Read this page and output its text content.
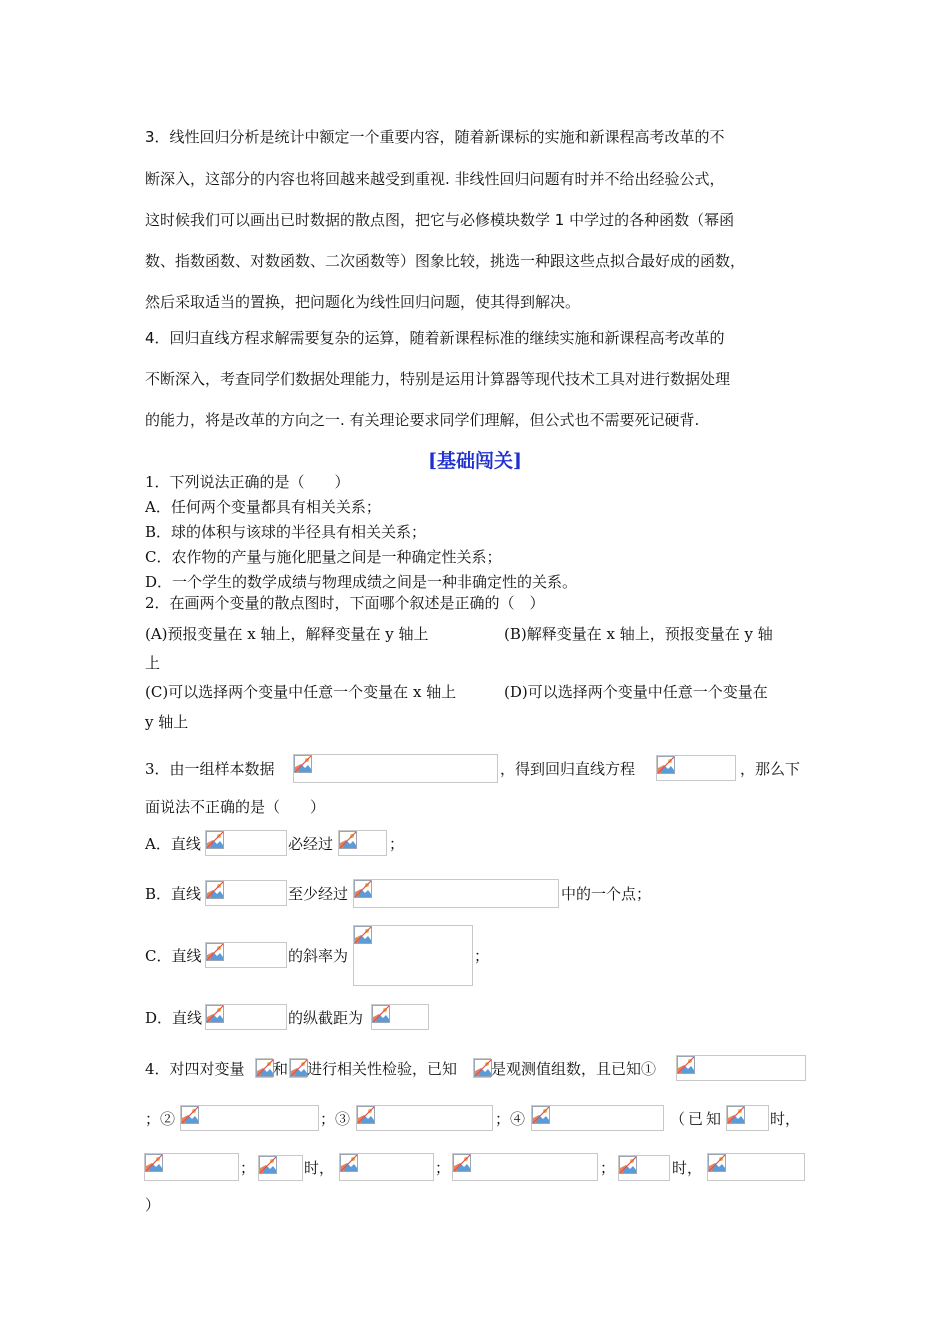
3．线性回归分析是统计中额定一个重要内容，随着新课标的实施和新课程高考改革的不
断深入，这部分的内容也将回越来越受到重视. 非线性回归问题有时并不给出经验公式，
这时候我们可以画出已时数据的散点图，把它与必修模块数学 1 中学过的各种函数（幂函
数、指数函数、对数函数、二次函数等）图象比较，挑选一种跟这些点拟合最好成的函数，
然后采取适当的置换，把问题化为线性回归问题，使其得到解决。
4．回归直线方程求解需要复杂的运算，随着新课程标准的继续实施和新课程高考改革的
不断深入，考查同学们数据处理能力，特别是运用计算器等现代技术工具对进行数据处理
的能力，将是改革的方向之一. 有关理论要求同学们理解，但公式也不需要死记硬背.
[基础闯关]
1．下列说法正确的是（　　）
A．任何两个变量都具有相关关系；
B．球的体积与该球的半径具有相关关系；
C．农作物的产量与施化肥量之间是一种确定性关系；
D．一个学生的数学成绩与物理成绩之间是一种非确定性的关系。
2．在画两个变量的散点图时，下面哪个叙述是正确的（　）
(A)预报变量在 x 轴上，解释变量在 y 轴上	(B)解释变量在 x 轴上，预报变量在 y 轴
上
(C)可以选择两个变量中任意一个变量在 x 轴上	(D)可以选择两个变量中任意一个变量在
y 轴上
3．由一组样本数据	，得到回归直线方程	，那么下
面说法不正确的是（　　）
A．直线	必经过	；
B．直线	至少经过	中的一个点；
C．直线	的斜率为	；
D．直线	的纵截距为
4．对四对变量 和 进行相关性检验，已知 是观测值组数，且已知①
；②	；③	；④	（已知	时，
；	时，	；	；	时，
）
